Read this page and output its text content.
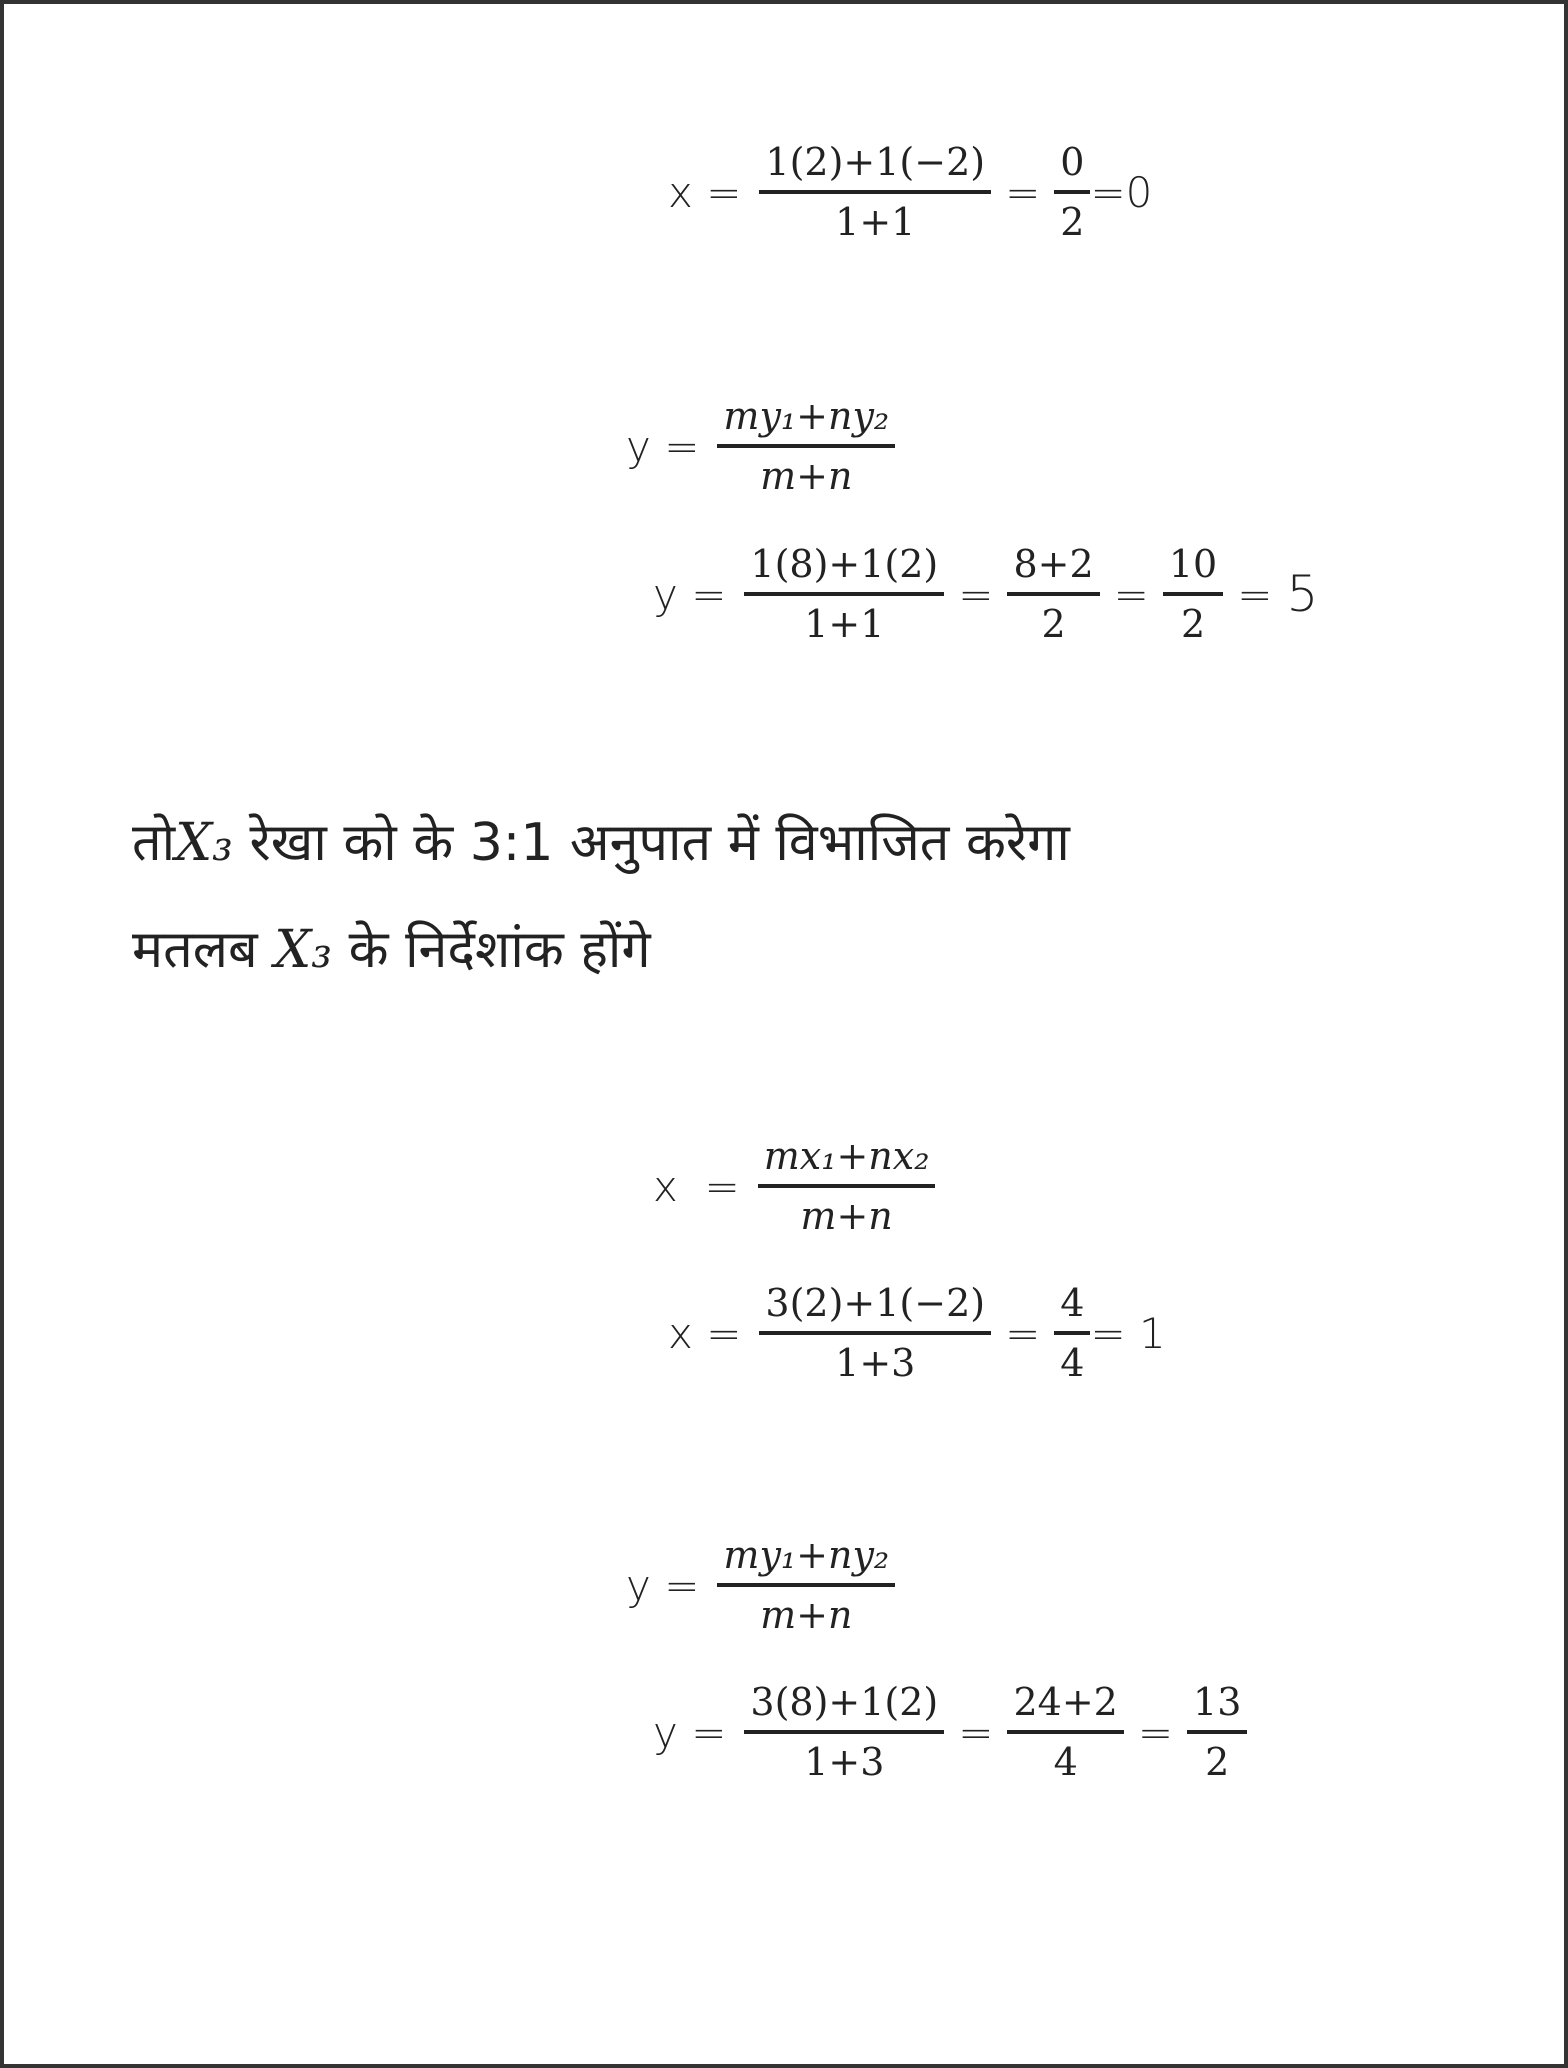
$x = \frac{1(2)+1(-2)}{1+1} = \frac{0}{2} =0$
$y = \frac{\text{my₁+ny₂}}{m+n}$
$y = \frac{1(8)+1(2)}{1+1} = \frac{8+2}{2} = \frac{10}{2} = 5$
तोX₃ रेखा को के 3:1 अनुपात में विभाजित करेगा
मतलब X₃ के निर्देशांक होंगे
$x = \frac{\text{mx₁+nx₂}}{m+n}$
$x = \frac{3(2)+1(-2)}{1+3} = \frac{4}{4} = 1$
$y = \frac{\text{my₁+ny₂}}{m+n}$
$y = \frac{3(8)+1(2)}{1+3} = \frac{24+2}{4} = \frac{13}{2}$
